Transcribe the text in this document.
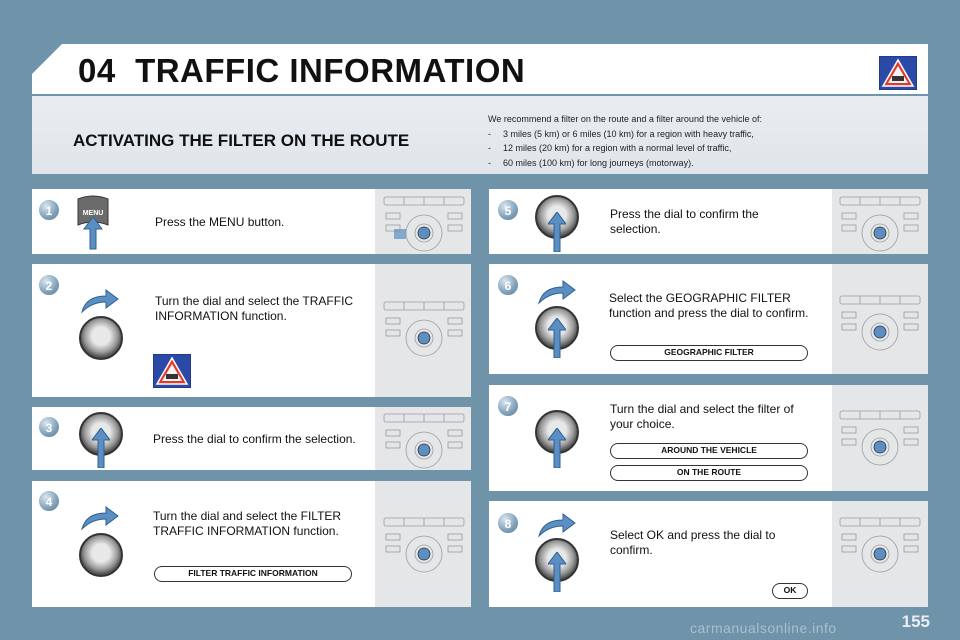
04 TRAFFIC INFORMATION
ACTIVATING THE FILTER ON THE ROUTE
We recommend a filter on the route and a filter around the vehicle of:
- 3 miles (5 km) or 6 miles (10 km) for a region with heavy traffic,
- 12 miles (20 km) for a region with a normal level of traffic,
- 60 miles (100 km) for long journeys (motorway).
1	MENU
Press the MENU button.
2
Turn the dial and select the TRAFFIC INFORMATION function.
3
Press the dial to confirm the selection.
4
Turn the dial and select the FILTER TRAFFIC INFORMATION function.
FILTER TRAFFIC INFORMATION
5	Press the dial to confirm the selection.
6
Select the GEOGRAPHIC FILTER function and press the dial to confirm.
GEOGRAPHIC FILTER
7	Turn the dial and select the filter of your choice.
AROUND THE VEHICLE
ON THE ROUTE
8
Select OK and press the dial to confirm.
OK
155
carmanualsonline.info
